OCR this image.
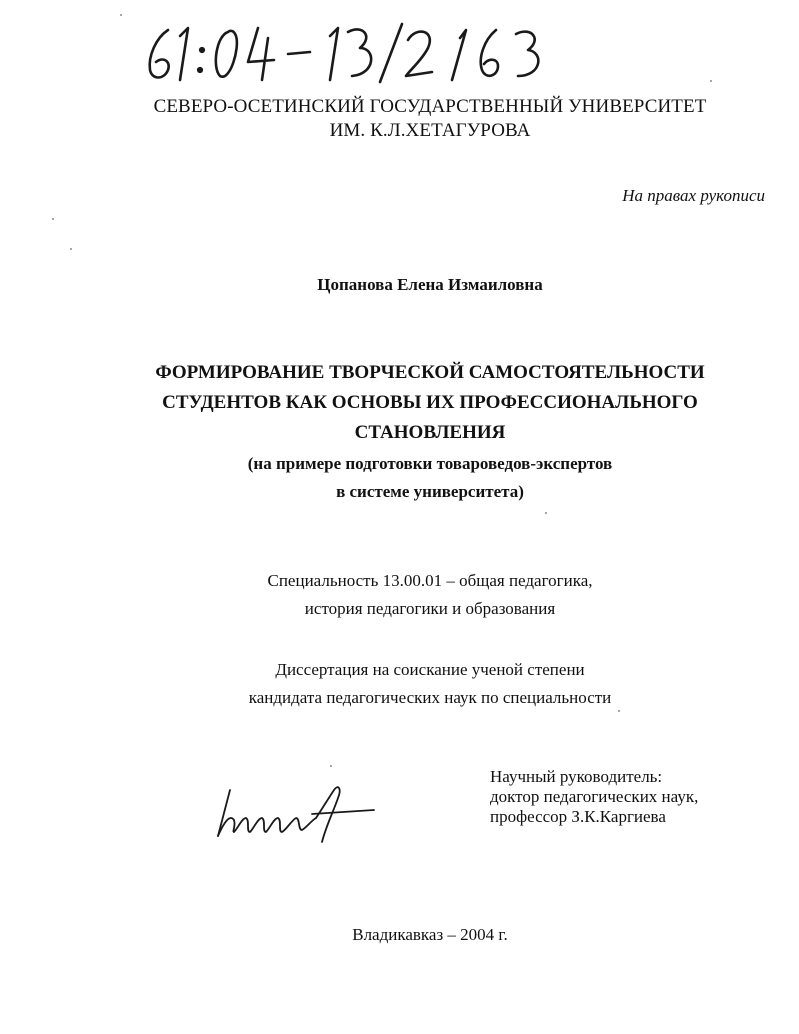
СЕВЕРО-ОСЕТИНСКИЙ ГОСУДАРСТВЕННЫЙ УНИВЕРСИТЕТ
ИМ. К.Л.ХЕТАГУРОВА
На правах рукописи
Цопанова Елена Измаиловна
ФОРМИРОВАНИЕ ТВОРЧЕСКОЙ САМОСТОЯТЕЛЬНОСТИ
СТУДЕНТОВ КАК ОСНОВЫ ИХ ПРОФЕССИОНАЛЬНОГО
СТАНОВЛЕНИЯ
(на примере подготовки товароведов-экспертов
в системе университета)
Специальность 13.00.01 – общая педагогика,
история педагогики и образования
Диссертация на соискание ученой степени
кандидата педагогических наук по специальности
Научный руководитель:
доктор педагогических наук,
профессор З.К.Каргиева
Владикавказ – 2004 г.
